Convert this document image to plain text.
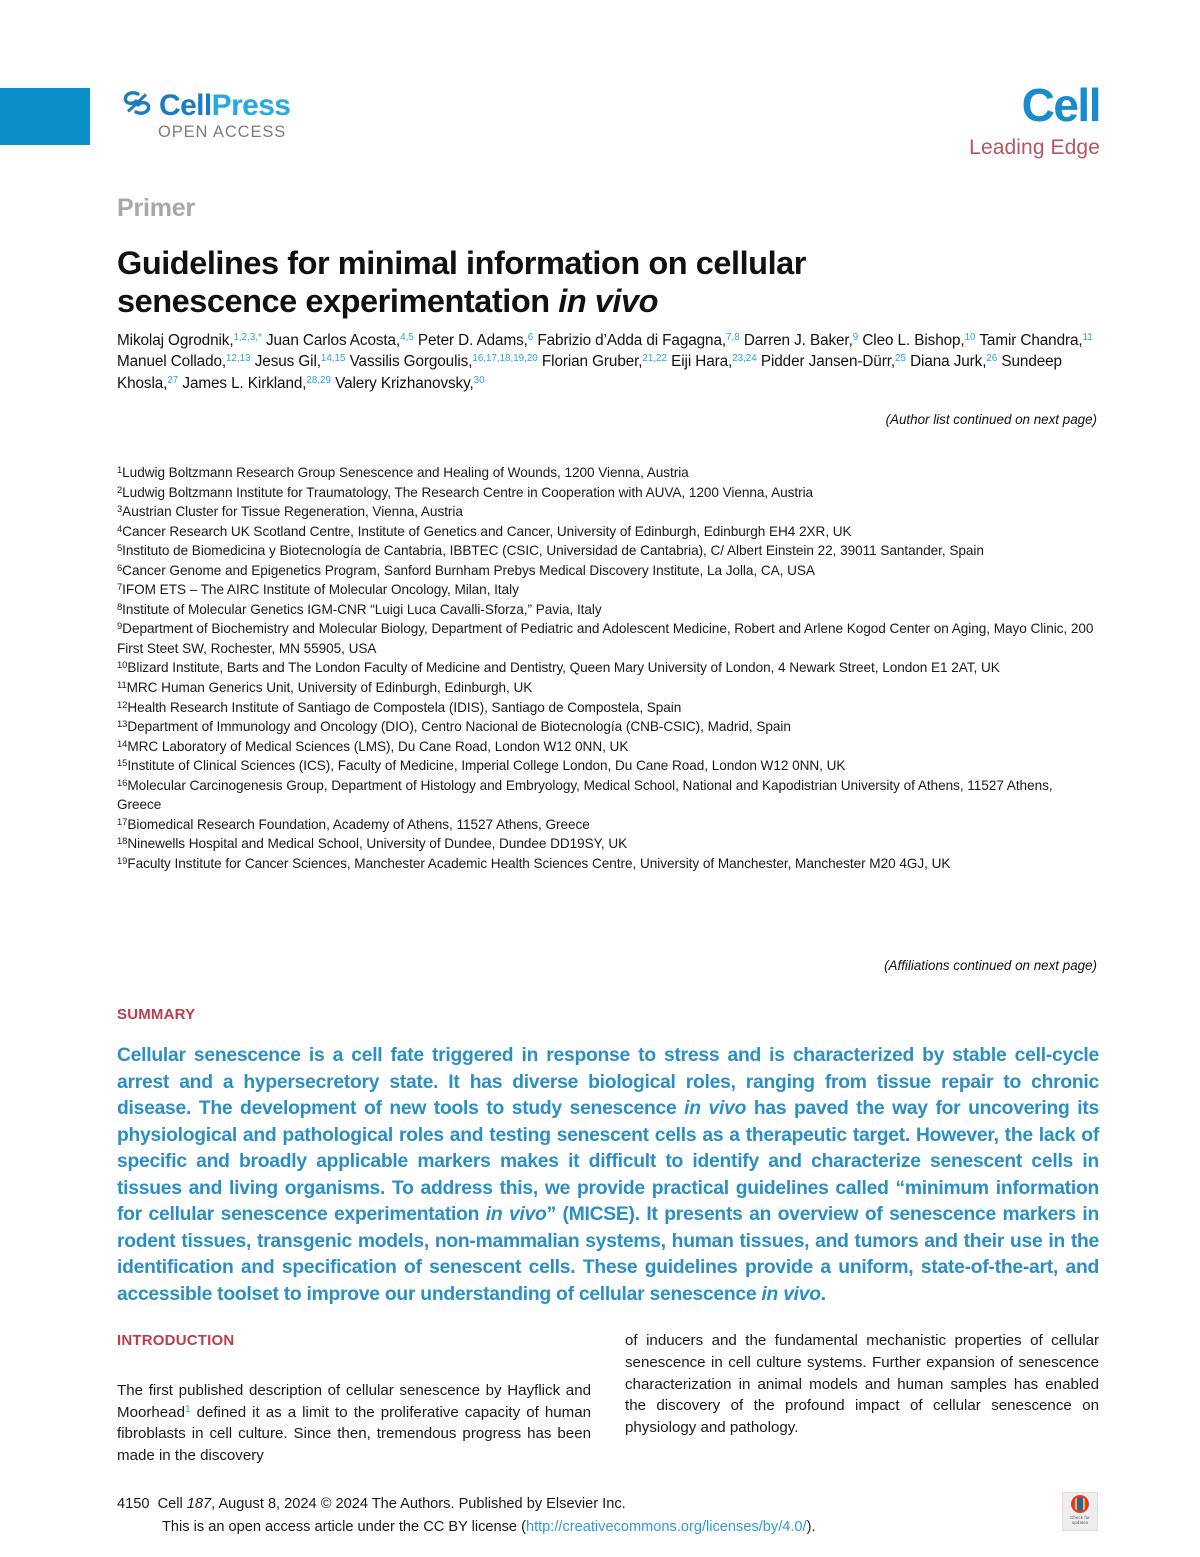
CellPress
OPEN ACCESS
Cell
Leading Edge
Primer
Guidelines for minimal information on cellular
senescence experimentation in vivo
Mikolaj Ogrodnik,$^{1,2,3,*}$ Juan Carlos Acosta,$^{4,5}$ Peter D. Adams,$^6$ Fabrizio d’Adda di Fagagna,$^{7,8}$ Darren J. Baker,$^9$ Cleo L. Bishop,$^{10}$ Tamir Chandra,$^{11}$ Manuel Collado,$^{12,13}$ Jesus Gil,$^{14,15}$ Vassilis Gorgoulis,$^{16,17,18,19,20}$ Florian Gruber,$^{21,22}$ Eiji Hara,$^{23,24}$ Pidder Jansen-Dürr,$^{25}$ Diana Jurk,$^{26}$ Sundeep Khosla,$^{27}$ James L. Kirkland,$^{28,29}$ Valery Krizhanovsky,$^{30}$
(Author list continued on next page)

$^1$Ludwig Boltzmann Research Group Senescence and Healing of Wounds, 1200 Vienna, Austria

$^2$Ludwig Boltzmann Institute for Traumatology, The Research Centre in Cooperation with AUVA, 1200 Vienna, Austria

$^3$Austrian Cluster for Tissue Regeneration, Vienna, Austria

$^4$Cancer Research UK Scotland Centre, Institute of Genetics and Cancer, University of Edinburgh, Edinburgh EH4 2XR, UK

$^5$Instituto de Biomedicina y Biotecnología de Cantabria, IBBTEC (CSIC, Universidad de Cantabria), C/ Albert Einstein 22, 39011 Santander, Spain

$^6$Cancer Genome and Epigenetics Program, Sanford Burnham Prebys Medical Discovery Institute, La Jolla, CA, USA

$^7$IFOM ETS – The AIRC Institute of Molecular Oncology, Milan, Italy

$^8$Institute of Molecular Genetics IGM-CNR “Luigi Luca Cavalli-Sforza,” Pavia, Italy

$^9$Department of Biochemistry and Molecular Biology, Department of Pediatric and Adolescent Medicine, Robert and Arlene Kogod Center on Aging, Mayo Clinic, 200 First Steet SW, Rochester, MN 55905, USA

$^{10}$Blizard Institute, Barts and The London Faculty of Medicine and Dentistry, Queen Mary University of London, 4 Newark Street, London E1 2AT, UK

$^{11}$MRC Human Generics Unit, University of Edinburgh, Edinburgh, UK

$^{12}$Health Research Institute of Santiago de Compostela (IDIS), Santiago de Compostela, Spain

$^{13}$Department of Immunology and Oncology (DIO), Centro Nacional de Biotecnología (CNB-CSIC), Madrid, Spain

$^{14}$MRC Laboratory of Medical Sciences (LMS), Du Cane Road, London W12 0NN, UK

$^{15}$Institute of Clinical Sciences (ICS), Faculty of Medicine, Imperial College London, Du Cane Road, London W12 0NN, UK

$^{16}$Molecular Carcinogenesis Group, Department of Histology and Embryology, Medical School, National and Kapodistrian University of Athens, 11527 Athens, Greece

$^{17}$Biomedical Research Foundation, Academy of Athens, 11527 Athens, Greece

$^{18}$Ninewells Hospital and Medical School, University of Dundee, Dundee DD19SY, UK

$^{19}$Faculty Institute for Cancer Sciences, Manchester Academic Health Sciences Centre, University of Manchester, Manchester M20 4GJ, UK

(Affiliations continued on next page)
SUMMARY
Cellular senescence is a cell fate triggered in response to stress and is characterized by stable cell-cycle arrest and a hypersecretory state. It has diverse biological roles, ranging from tissue repair to chronic disease. The development of new tools to study senescence in vivo has paved the way for uncovering its physiological and pathological roles and testing senescent cells as a therapeutic target. However, the lack of specific and broadly applicable markers makes it difficult to identify and characterize senescent cells in tissues and living organisms. To address this, we provide practical guidelines called “minimum information for cellular senescence experimentation in vivo” (MICSE). It presents an overview of senescence markers in rodent tissues, transgenic models, non-mammalian systems, human tissues, and tumors and their use in the identification and specification of senescent cells. These guidelines provide a uniform, state-of-the-art, and accessible toolset to improve our understanding of cellular senescence in vivo.
INTRODUCTION

The first published description of cellular senescence by Hayflick and Moorhead$^1$ defined it as a limit to the proliferative capacity of human fibroblasts in cell culture. Since then, tremendous progress has been made in the discovery

of inducers and the fundamental mechanistic properties of cellular senescence in cell culture systems. Further expansion of senescence characterization in animal models and human samples has enabled the discovery of the profound impact of cellular senescence on physiology and pathology.

4150 Cell 187, August 8, 2024 © 2024 The Authors. Published by Elsevier Inc.
This is an open access article under the CC BY license (http://creativecommons.org/licenses/by/4.0/).
Check for
updates
